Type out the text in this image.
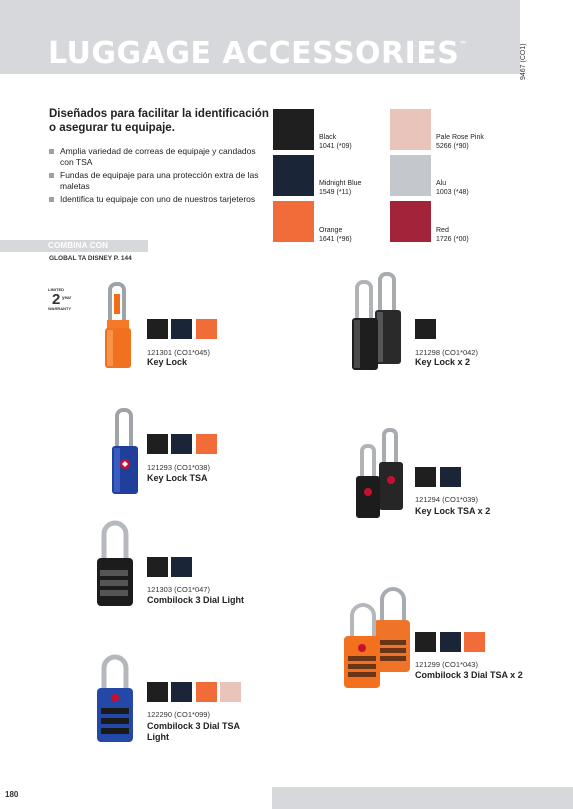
LUGGAGE ACCESSORIES™	9467 (CO1)
Diseñados para facilitar la identificación o asegurar tu equipaje.
Amplia variedad de correas de equipaje y candados con TSA
Fundas de equipaje para una protección extra de las maletas
Identifica tu equipaje con uno de nuestros tarjeteros
COMBINA CON
GLOBAL TA DISNEY P. 144
Black
1041 (*09)
Midnight Blue
1549 (*11)
Orange
1641 (*96)
Pale Rose Pink
5266 (*90)
Alu
1003 (*48)
Red
1726 (*00)
LIMITED
2 year
WARRANTY
121301 (CO1*045)
Key Lock
121298 (CO1*042)
Key Lock x 2
121293 (CO1*038)
Key Lock TSA
121294 (CO1*039)
Key Lock TSA x 2
121303 (CO1*047)
Combilock 3 Dial Light
121299 (CO1*043)
Combilock 3 Dial TSA x 2
122290 (CO1*099)
Combilock 3 Dial TSA Light
180
